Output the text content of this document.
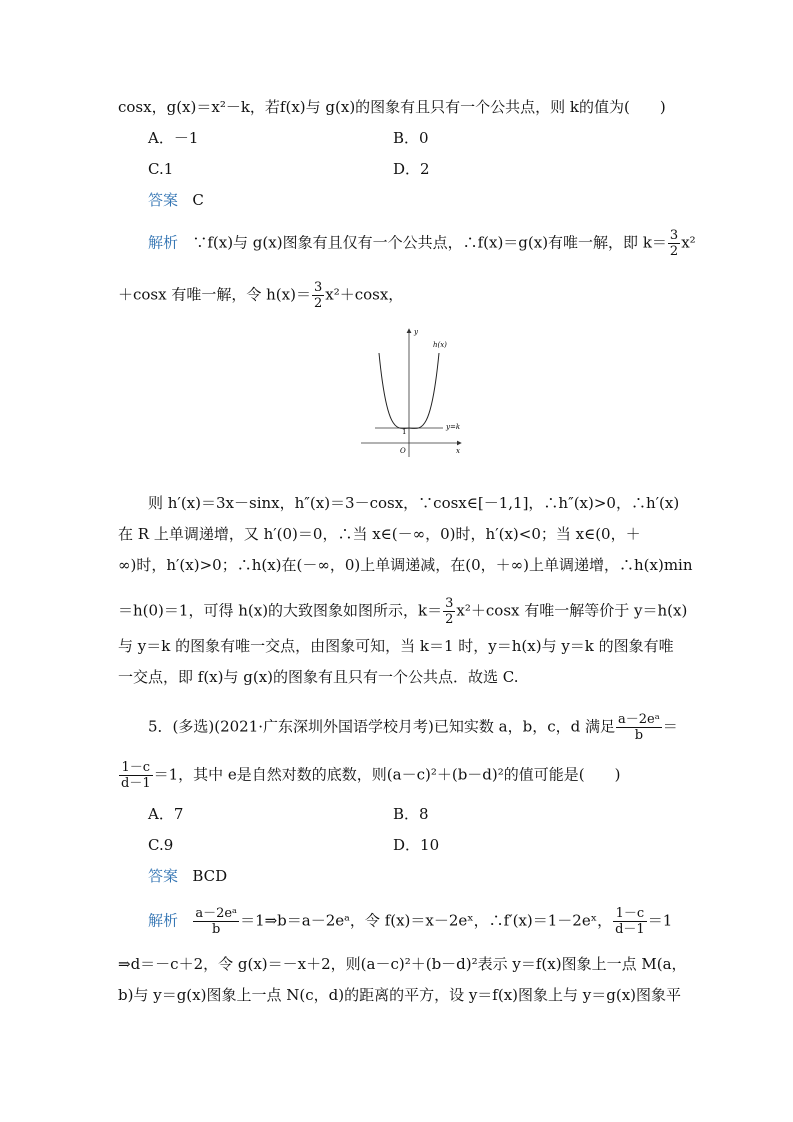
cosx，g(x)＝x²－k，若f(x)与 g(x)的图象有且只有一个公共点，则 k的值为(　　)
A．－1	B．0
C.1	D．2
答案 C
解析 ∵f(x)与 g(x)图象有且仅有一个公共点，∴f(x)＝g(x)有唯一解，即 $k= \frac{3}{2} x^2$
＋cosx 有唯一解，令 $h(x)= \frac{3}{2} x^2+\cos x$，
y
x
h(x)
y=k
1
O
则 h′(x)＝3x－sinx，h″(x)＝3－cosx，∵cosx∈[－1,1]，∴h″(x)>0，∴h′(x)
在 R 上单调递增，又 h′(0)＝0，∴当 x∈(－∞，0)时，h′(x)<0；当 x∈(0，＋
∞)时，h′(x)>0；∴h(x)在(－∞，0)上单调递减，在(0，＋∞)上单调递增，∴h(x)min
＝h(0)＝1，可得 h(x)的大致图象如图所示，$k= \frac{3}{2} x^2+\cos x$ 有唯一解等价于 y＝h(x)
与 y＝k 的图象有唯一交点，由图象可知，当 k＝1 时，y＝h(x)与 y＝k 的图象有唯
一交点，即 f(x)与 g(x)的图象有且只有一个公共点．故选 C.
5．(多选)(2021·广东深圳外国语学校月考)已知实数 a，b，c，d 满足 $\frac{\text{a－2eᵃ}}{b}$ ＝
$\frac{1-c}{d-1} =1$，其中 e是自然对数的底数，则(a－c)²＋(b－d)²的值可能是(　　)
A．7	B．8
C.9	D．10
答案 BCD
解析 $\frac{\text{a－2eᵃ}}{b}$ ＝1⇒b＝a－2eᵃ，令 f(x)＝x－2eˣ，∴f′(x)＝1－2eˣ， $\frac{1-c}{d-1} =1$
⇒d＝－c＋2，令 g(x)＝－x＋2，则(a－c)²＋(b－d)²表示 y＝f(x)图象上一点 M(a，
b)与 y＝g(x)图象上一点 N(c，d)的距离的平方，设 y＝f(x)图象上与 y＝g(x)图象平
